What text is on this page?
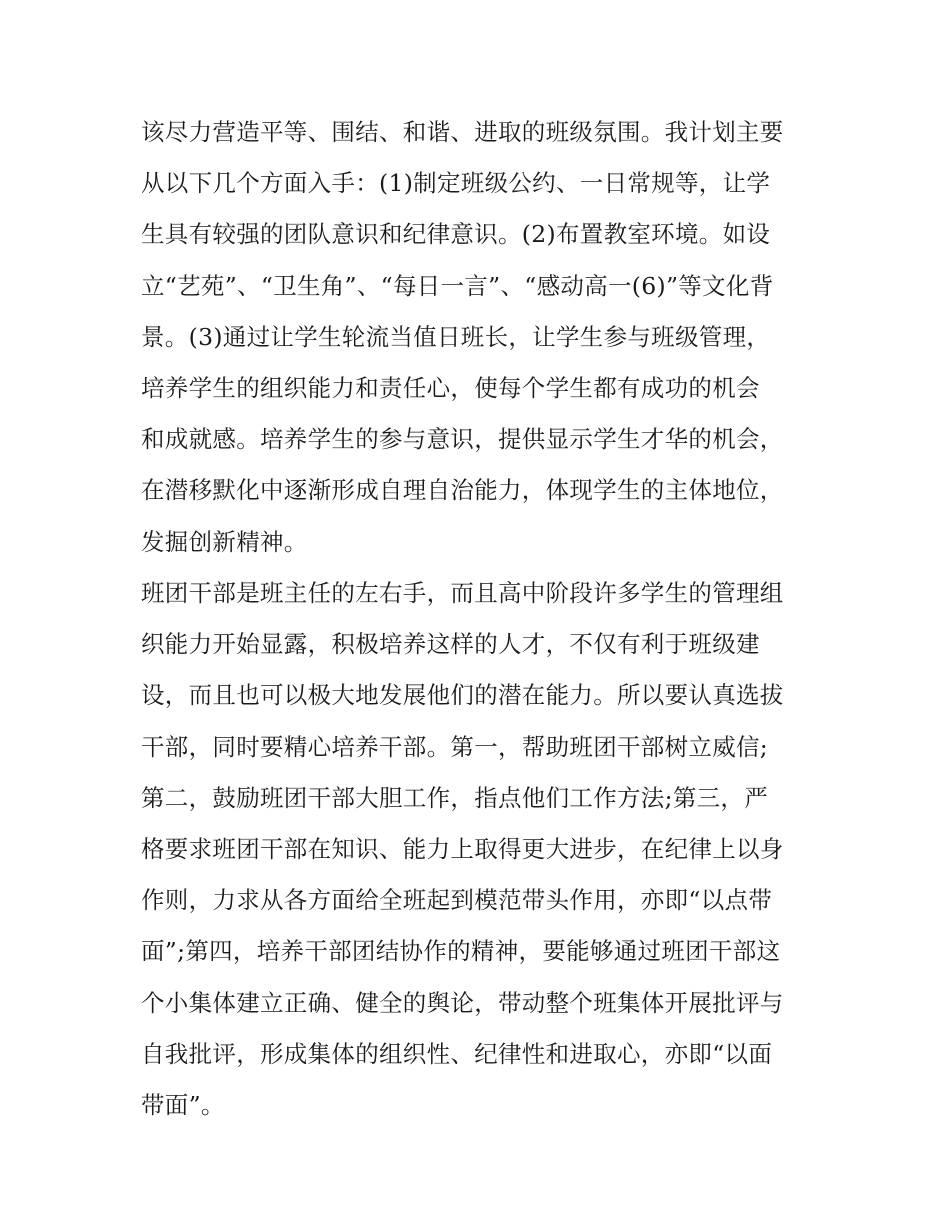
该尽力营造平等、围结、和谐、进取的班级氛围。我计划主要
从以下几个方面入手：(1)制定班级公约、一日常规等，让学
生具有较强的团队意识和纪律意识。(2)布置教室环境。如设
立“艺苑”、“卫生角”、“每日一言”、“感动高一(6)”等文化背
景。(3)通过让学生轮流当值日班长，让学生参与班级管理，
培养学生的组织能力和责任心，使每个学生都有成功的机会
和成就感。培养学生的参与意识，提供显示学生才华的机会，
在潜移默化中逐渐形成自理自治能力，体现学生的主体地位，
发掘创新精神。
班团干部是班主任的左右手，而且高中阶段许多学生的管理组
织能力开始显露，积极培养这样的人才，不仅有利于班级建
设，而且也可以极大地发展他们的潜在能力。所以要认真选拔
干部，同时要精心培养干部。第一，帮助班团干部树立威信;
第二，鼓励班团干部大胆工作，指点他们工作方法;第三，严
格要求班团干部在知识、能力上取得更大进步，在纪律上以身
作则，力求从各方面给全班起到模范带头作用，亦即“以点带
面”;第四，培养干部团结协作的精神，要能够通过班团干部这
个小集体建立正确、健全的舆论，带动整个班集体开展批评与
自我批评，形成集体的组织性、纪律性和进取心，亦即“以面
带面”。
